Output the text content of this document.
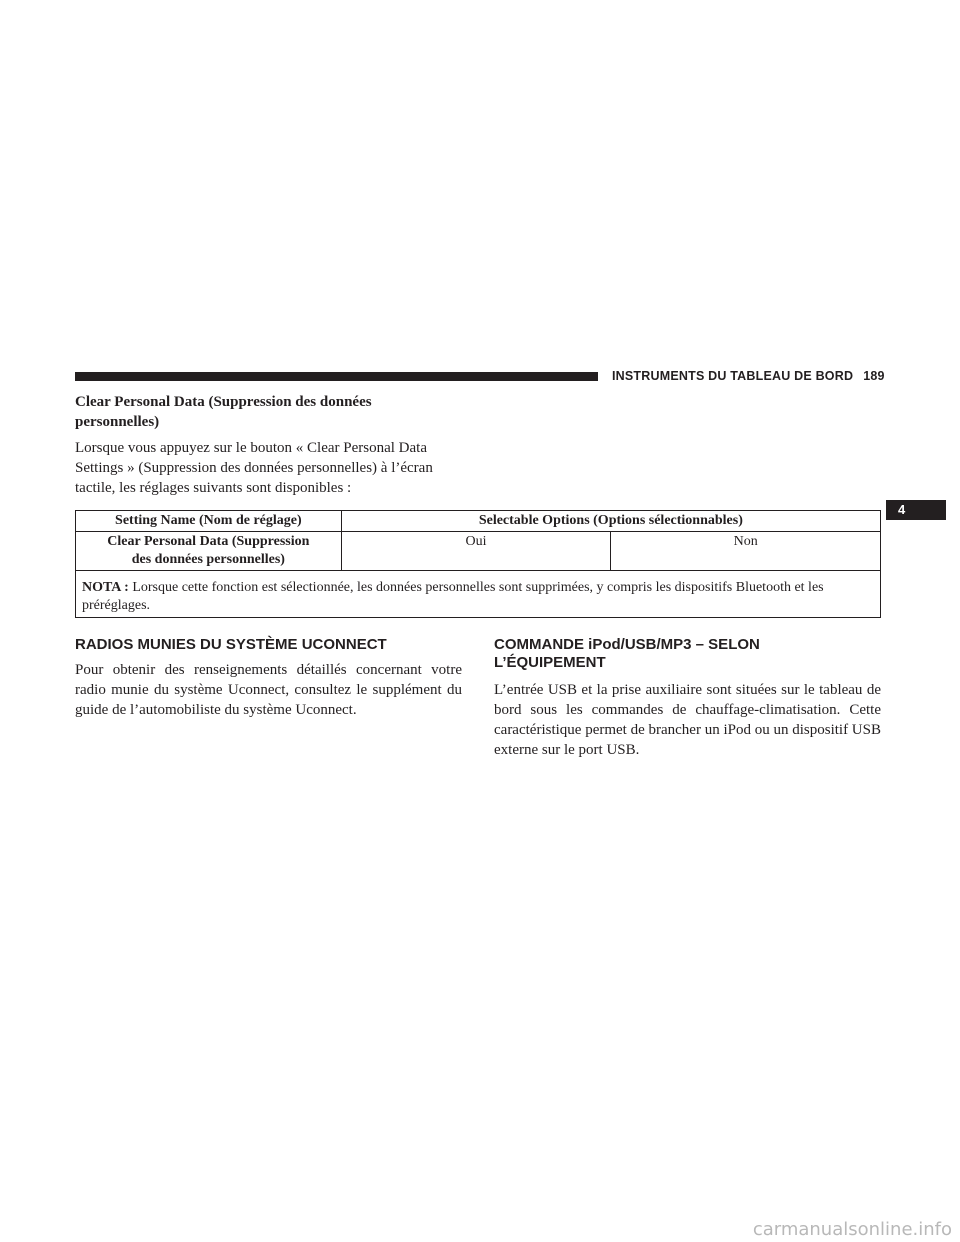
INSTRUMENTS DU TABLEAU DE BORD 189
4
Clear Personal Data (Suppression des données
personnelles)

Lorsque vous appuyez sur le bouton « Clear Personal Data Settings » (Suppression des données personnelles) à l’écran tactile, les réglages suivants sont disponibles :

Setting Name (Nom de réglage)	Selectable Options (Options sélectionnables)	
Clear Personal Data (Suppression
des données personnelles)	Oui	Non
NOTA : Lorsque cette fonction est sélectionnée, les données personnelles sont supprimées, y compris les dispositifs Bluetooth et les préréglages.		
RADIOS MUNIES DU SYSTÈME UCONNECT

Pour obtenir des renseignements détaillés concernant votre radio munie du système Uconnect, consultez le supplément du guide de l’automobiliste du système Uconnect.

COMMANDE iPod/USB/MP3 – SELON
L’ÉQUIPEMENT

L’entrée USB et la prise auxiliaire sont situées sur le tableau de bord sous les commandes de chauffage-climatisation. Cette caractéristique permet de brancher un iPod ou un dispositif USB externe sur le port USB.

carmanualsonline.info
